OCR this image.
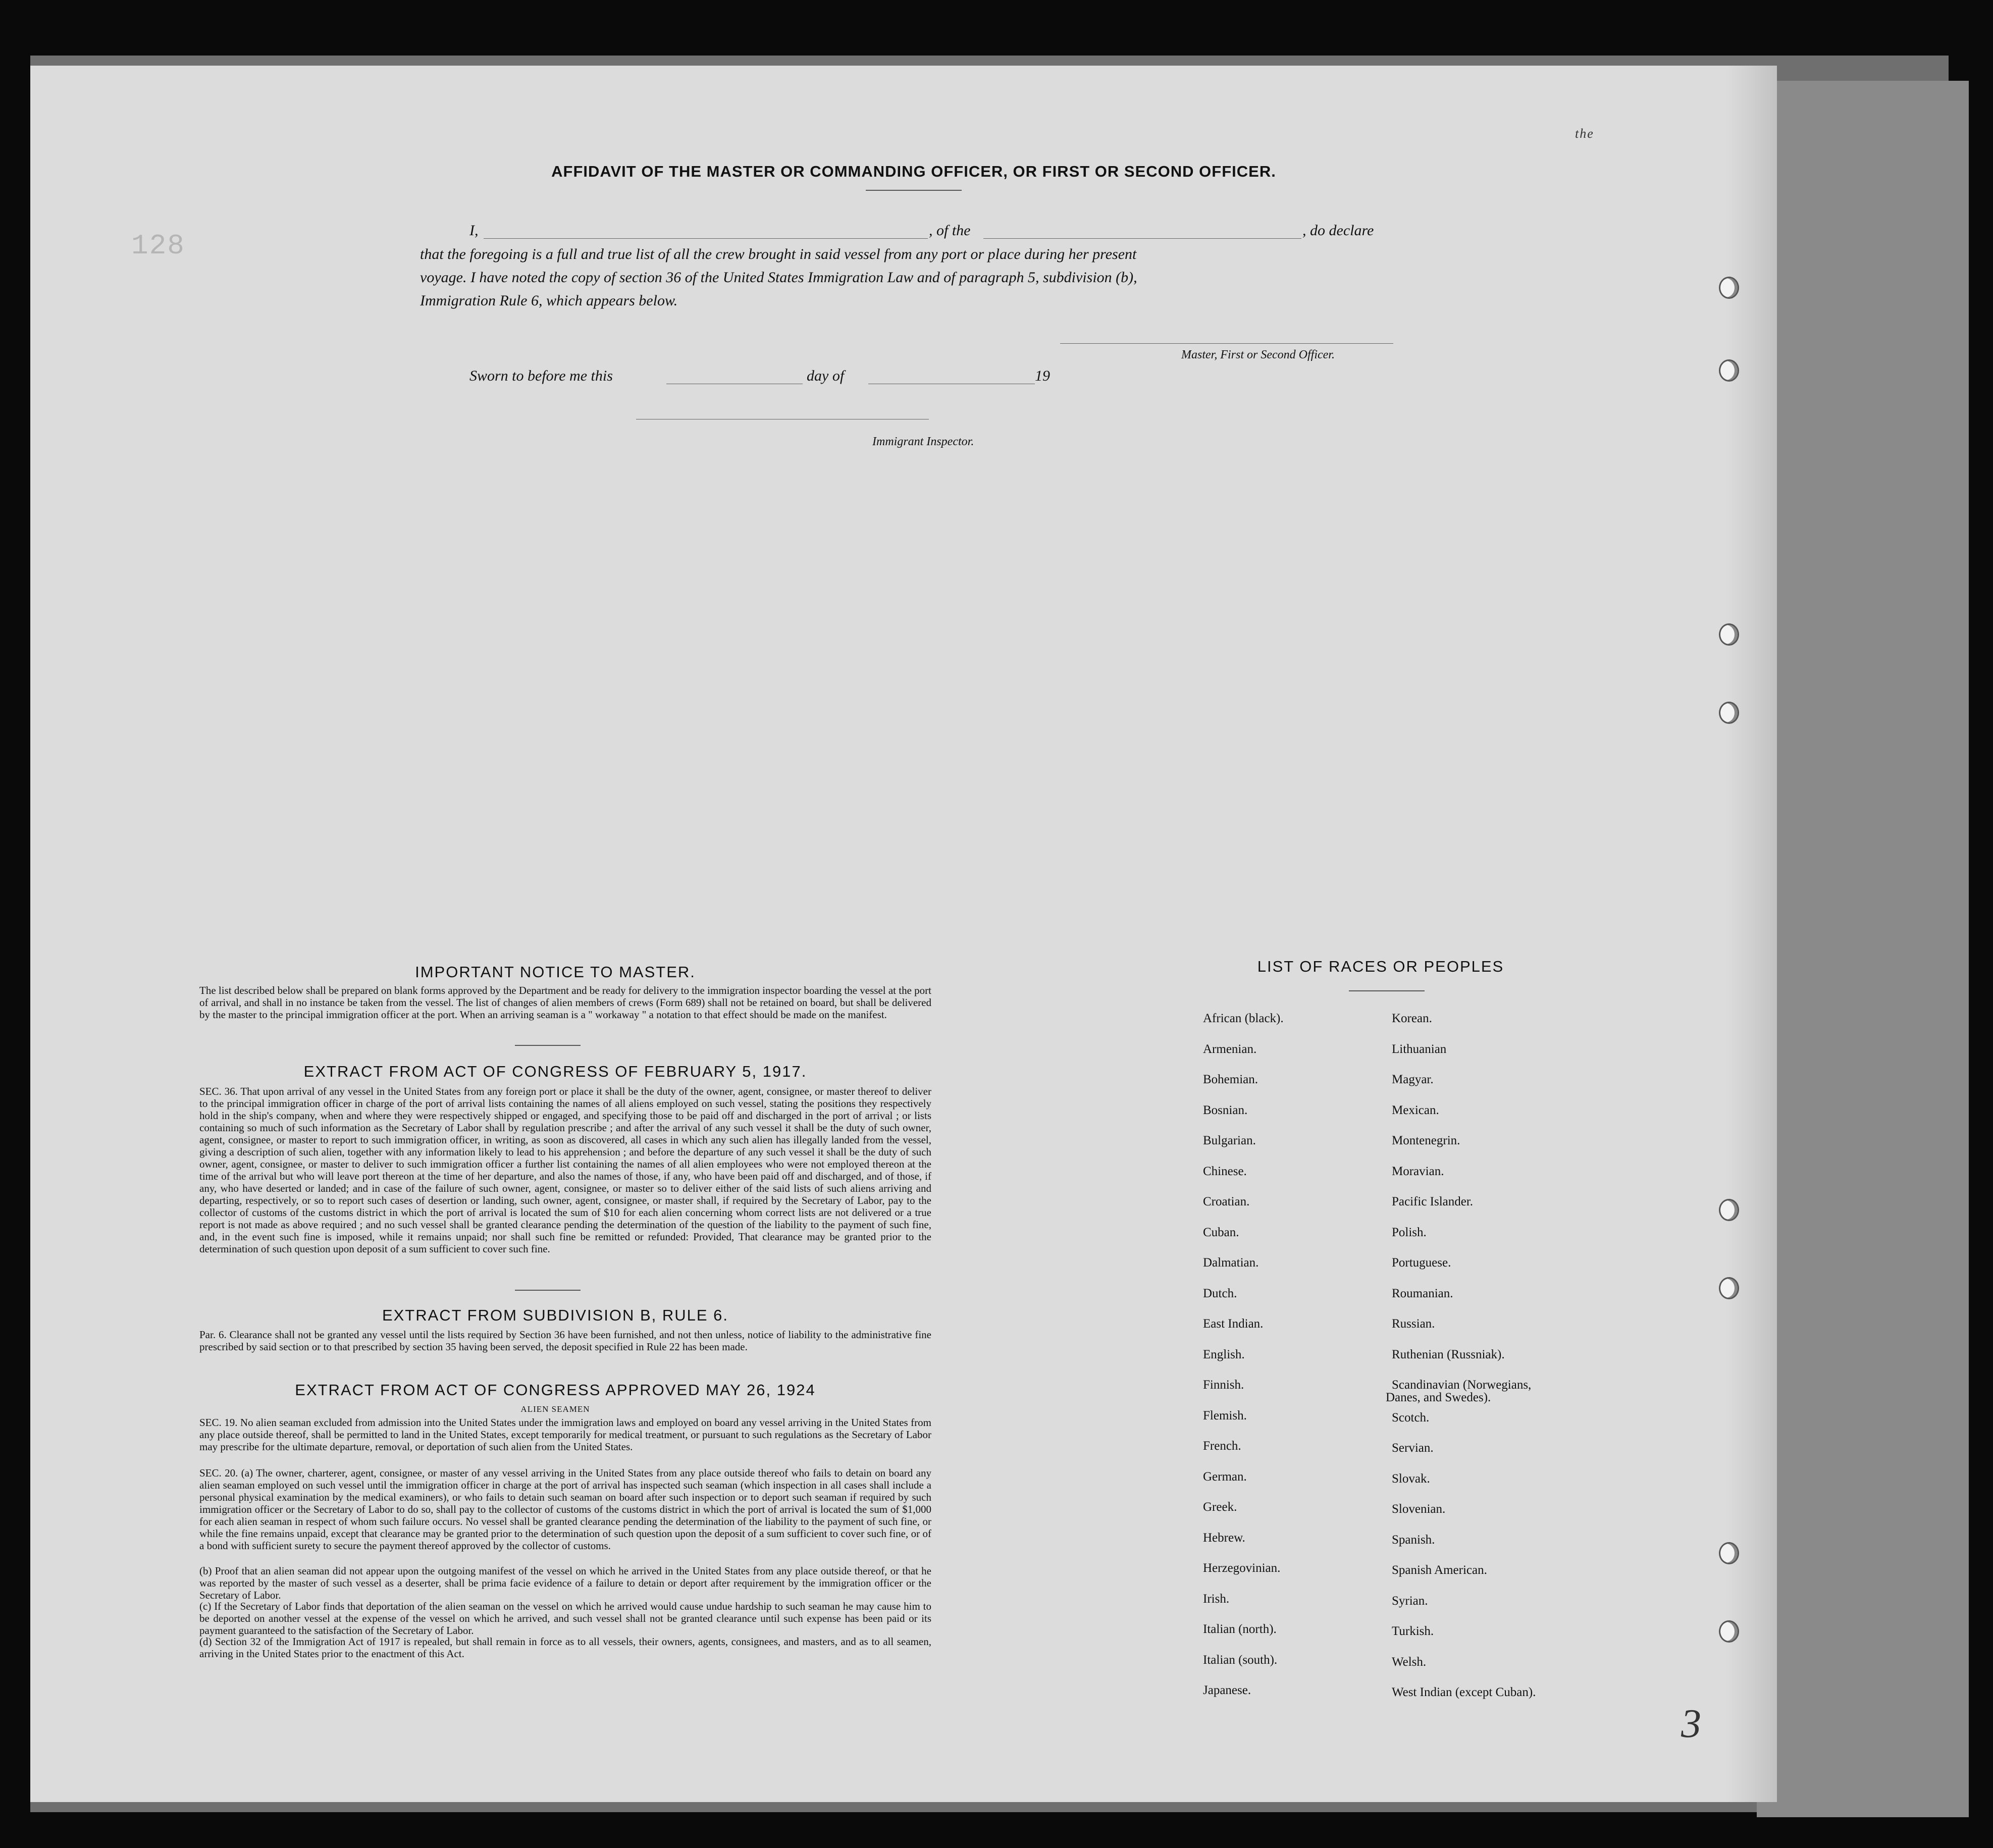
128
the
3
AFFIDAVIT OF THE MASTER OR COMMANDING OFFICER, OR FIRST OR SECOND OFFICER.
I,	, of the	, do declare
that the foregoing is a full and true list of all the crew brought in said vessel from any port or place during her present
voyage. I have noted the copy of section 36 of the United States Immigration Law and of paragraph 5, subdivision (b),
Immigration Rule 6, which appears below.
Master, First or Second Officer.
Sworn to before me this	day of	19
Immigrant Inspector.
IMPORTANT NOTICE TO MASTER.
The list described below shall be prepared on blank forms approved by the Department and be ready for delivery to the immigration inspector boarding the vessel at the port of arrival, and shall in no instance be taken from the vessel. The list of changes of alien members of crews (Form 689) shall not be retained on board, but shall be delivered by the master to the principal immigration officer at the port. When an arriving seaman is a " workaway " a notation to that effect should be made on the manifest.
EXTRACT FROM ACT OF CONGRESS OF FEBRUARY 5, 1917.
SEC. 36. That upon arrival of any vessel in the United States from any foreign port or place it shall be the duty of the owner, agent, consignee, or master thereof to deliver to the principal immigration officer in charge of the port of arrival lists containing the names of all aliens employed on such vessel, stating the positions they respectively hold in the ship's company, when and where they were respectively shipped or engaged, and specifying those to be paid off and discharged in the port of arrival ; or lists containing so much of such information as the Secretary of Labor shall by regulation prescribe ; and after the arrival of any such vessel it shall be the duty of such owner, agent, consignee, or master to report to such immigration officer, in writing, as soon as discovered, all cases in which any such alien has illegally landed from the vessel, giving a description of such alien, together with any information likely to lead to his apprehension ; and before the departure of any such vessel it shall be the duty of such owner, agent, consignee, or master to deliver to such immigration officer a further list containing the names of all alien employees who were not employed thereon at the time of the arrival but who will leave port thereon at the time of her departure, and also the names of those, if any, who have been paid off and discharged, and of those, if any, who have deserted or landed; and in case of the failure of such owner, agent, consignee, or master so to deliver either of the said lists of such aliens arriving and departing, respectively, or so to report such cases of desertion or landing, such owner, agent, consignee, or master shall, if required by the Secretary of Labor, pay to the collector of customs of the customs district in which the port of arrival is located the sum of $10 for each alien concerning whom correct lists are not delivered or a true report is not made as above required ; and no such vessel shall be granted clearance pending the determination of the question of the liability to the payment of such fine, and, in the event such fine is imposed, while it remains unpaid; nor shall such fine be remitted or refunded: Provided, That clearance may be granted prior to the determination of such question upon deposit of a sum sufficient to cover such fine.
EXTRACT FROM SUBDIVISION B, RULE 6.
Par. 6. Clearance shall not be granted any vessel until the lists required by Section 36 have been furnished, and not then unless, notice of liability to the administrative fine prescribed by said section or to that prescribed by section 35 having been served, the deposit specified in Rule 22 has been made.
EXTRACT FROM ACT OF CONGRESS APPROVED MAY 26, 1924
ALIEN SEAMEN
SEC. 19. No alien seaman excluded from admission into the United States under the immigration laws and employed on board any vessel arriving in the United States from any place outside thereof, shall be permitted to land in the United States, except temporarily for medical treatment, or pursuant to such regulations as the Secretary of Labor may prescribe for the ultimate departure, removal, or deportation of such alien from the United States.
SEC. 20. (a) The owner, charterer, agent, consignee, or master of any vessel arriving in the United States from any place outside thereof who fails to detain on board any alien seaman employed on such vessel until the immigration officer in charge at the port of arrival has inspected such seaman (which inspection in all cases shall include a personal physical examination by the medical examiners), or who fails to detain such seaman on board after such inspection or to deport such seaman if required by such immigration officer or the Secretary of Labor to do so, shall pay to the collector of customs of the customs district in which the port of arrival is located the sum of $1,000 for each alien seaman in respect of whom such failure occurs. No vessel shall be granted clearance pending the determination of the liability to the payment of such fine, or while the fine remains unpaid, except that clearance may be granted prior to the determination of such question upon the deposit of a sum sufficient to cover such fine, or of a bond with sufficient surety to secure the payment thereof approved by the collector of customs.
(b) Proof that an alien seaman did not appear upon the outgoing manifest of the vessel on which he arrived in the United States from any place outside thereof, or that he was reported by the master of such vessel as a deserter, shall be prima facie evidence of a failure to detain or deport after requirement by the immigration officer or the Secretary of Labor.
(c) If the Secretary of Labor finds that deportation of the alien seaman on the vessel on which he arrived would cause undue hardship to such seaman he may cause him to be deported on another vessel at the expense of the vessel on which he arrived, and such vessel shall not be granted clearance until such expense has been paid or its payment guaranteed to the satisfaction of the Secretary of Labor.
(d) Section 32 of the Immigration Act of 1917 is repealed, but shall remain in force as to all vessels, their owners, agents, consignees, and masters, and as to all seamen, arriving in the United States prior to the enactment of this Act.
LIST OF RACES OR PEOPLES
African (black).
Armenian.
Bohemian.
Bosnian.
Bulgarian.
Chinese.
Croatian.
Cuban.
Dalmatian.
Dutch.
East Indian.
English.
Finnish.
Flemish.
French.
German.
Greek.
Hebrew.
Herzegovinian.
Irish.
Italian (north).
Italian (south).
Japanese.
Korean.
Lithuanian
Magyar.
Mexican.
Montenegrin.
Moravian.
Pacific Islander.
Polish.
Portuguese.
Roumanian.
Russian.
Ruthenian (Russniak).
Scandinavian (Norwegians,
Scotch.
Servian.
Slovak.
Slovenian.
Spanish.
Spanish American.
Syrian.
Turkish.
Welsh.
West Indian (except Cuban).
Danes, and Swedes).
